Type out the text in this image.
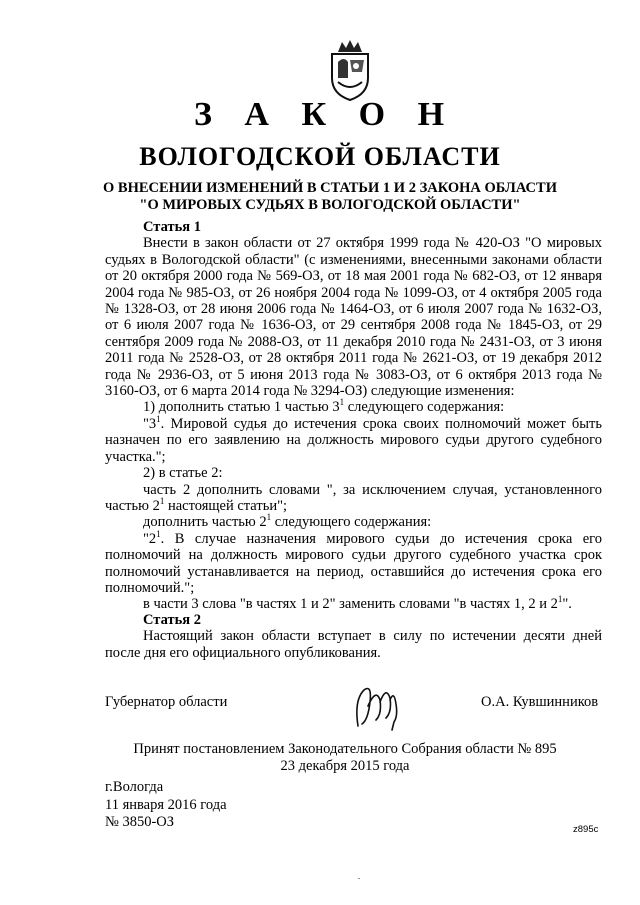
З А К О Н
ВОЛОГОДСКОЙ ОБЛАСТИ
О ВНЕСЕНИИ ИЗМЕНЕНИЙ В СТАТЬИ 1 И 2 ЗАКОНА ОБЛАСТИ
"О МИРОВЫХ СУДЬЯХ В ВОЛОГОДСКОЙ ОБЛАСТИ"

Статья 1

Внести в закон области от 27 октября 1999 года № 420-ОЗ "О мировых судьях в Вологодской области" (с изменениями, внесенными законами области от 20 октября 2000 года № 569-ОЗ, от 18 мая 2001 года № 682-ОЗ, от 12 января 2004 года № 985-ОЗ, от 26 ноября 2004 года № 1099-ОЗ, от 4 октября 2005 года № 1328-ОЗ, от 28 июня 2006 года № 1464-ОЗ, от 6 июля 2007 года № 1632-ОЗ, от 6 июля 2007 года № 1636-ОЗ, от 29 сентября 2008 года № 1845-ОЗ, от 29 сентября 2009 года № 2088-ОЗ, от 11 декабря 2010 года № 2431-ОЗ, от 3 июня 2011 года № 2528-ОЗ, от 28 октября 2011 года № 2621-ОЗ, от 19 декабря 2012 года № 2936-ОЗ, от 5 июня 2013 года № 3083-ОЗ, от 6 октября 2013 года № 3160-ОЗ, от 6 марта 2014 года № 3294-ОЗ) следующие изменения:

1) дополнить статью 1 частью $3^1$ следующего содержания:

"$3^1$. Мировой судья до истечения срока своих полномочий может быть назначен по его заявлению на должность мирового судьи другого судебного участка.";

2) в статье 2:

часть 2 дополнить словами ", за исключением случая, установленного частью $2^1$ настоящей статьи";

дополнить частью $2^1$ следующего содержания:

"$2^1$. В случае назначения мирового судьи до истечения срока его полномочий на должность мирового судьи другого судебного участка срок полномочий устанавливается на период, оставшийся до истечения срока его полномочий.";

в части 3 слова "в частях 1 и 2" заменить словами "в частях 1, 2 и $2^1$".

Статья 2

Настоящий закон области вступает в силу по истечении десяти дней после дня его официального опубликования.

Губернатор области	О.А. Кувшинников
Принят постановлением Законодательного Собрания области № 895
23 декабря 2015 года
г.Вологда
11 января 2016 года
№ 3850-ОЗ	z895c
